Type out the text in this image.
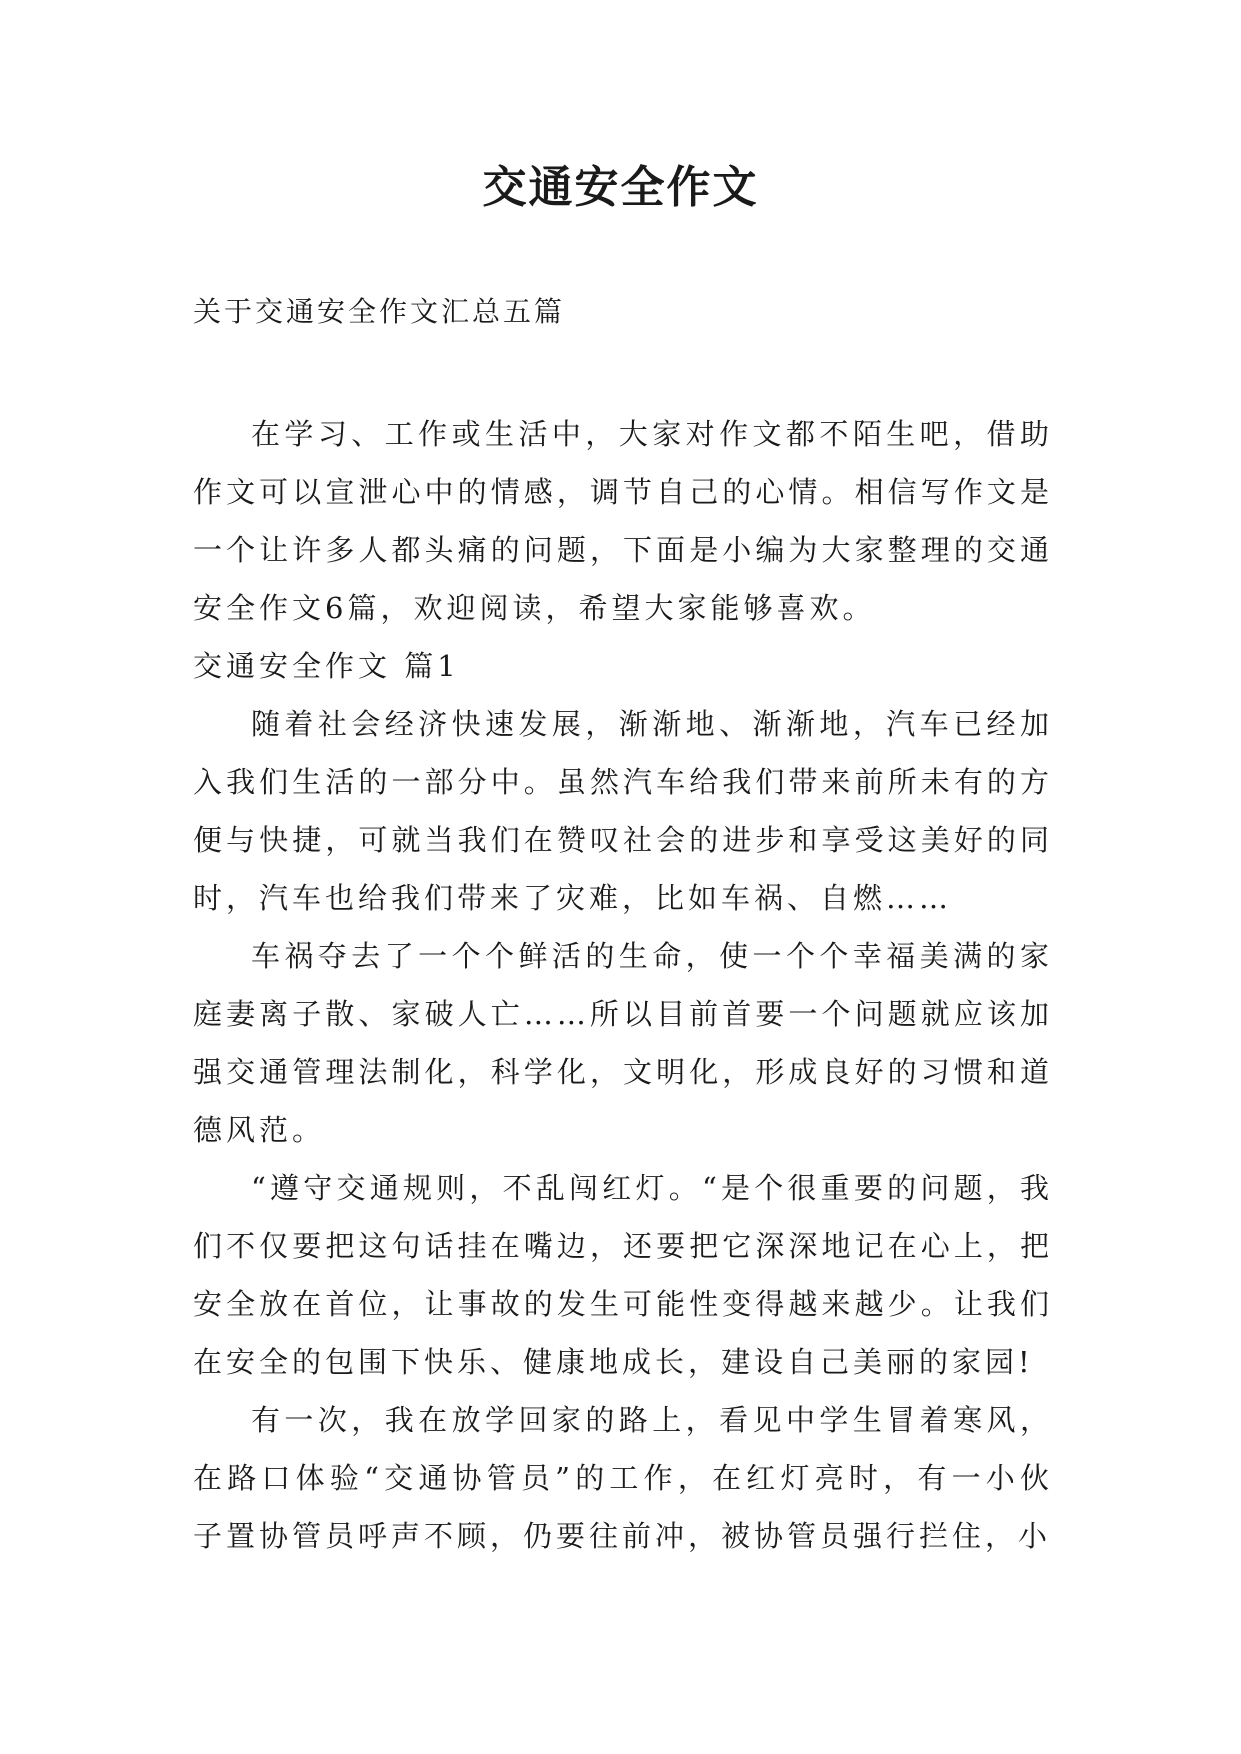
交通安全作文

关于交通安全作文汇总五篇

在学习、工作或生活中，大家对作文都不陌生吧，借助作文可以宣泄心中的情感，调节自己的心情。相信写作文是一个让许多人都头痛的问题，下面是小编为大家整理的交通安全作文6篇，欢迎阅读，希望大家能够喜欢。

交通安全作文 篇1

随着社会经济快速发展，渐渐地、渐渐地，汽车已经加入我们生活的一部分中。虽然汽车给我们带来前所未有的方便与快捷，可就当我们在赞叹社会的进步和享受这美好的同时，汽车也给我们带来了灾难，比如车祸、自燃……

车祸夺去了一个个鲜活的生命，使一个个幸福美满的家庭妻离子散、家破人亡……所以目前首要一个问题就应该加强交通管理法制化，科学化，文明化，形成良好的习惯和道德风范。

“遵守交通规则，不乱闯红灯。“是个很重要的问题，我们不仅要把这句话挂在嘴边，还要把它深深地记在心上，把安全放在首位，让事故的发生可能性变得越来越少。让我们在安全的包围下快乐、健康地成长，建设自己美丽的家园!

有一次，我在放学回家的路上，看见中学生冒着寒风，在路口体验“交通协管员”的工作，在红灯亮时，有一小伙子置协管员呼声不顾，仍要往前冲，被协管员强行拦住，小
